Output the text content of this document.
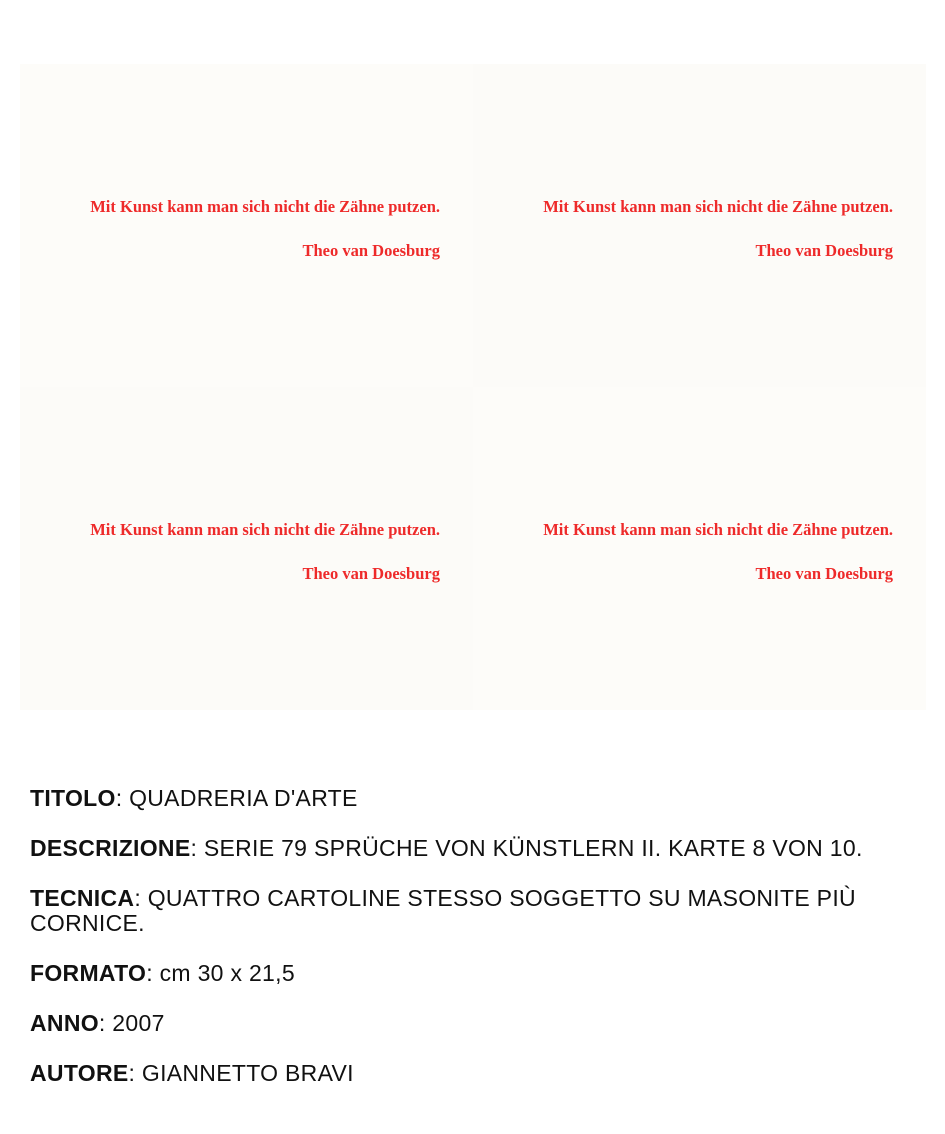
Mit Kunst kann man sich nicht die Zähne putzen.
Theo van Doesburg
Mit Kunst kann man sich nicht die Zähne putzen.
Theo van Doesburg
Mit Kunst kann man sich nicht die Zähne putzen.
Theo van Doesburg
Mit Kunst kann man sich nicht die Zähne putzen.
Theo van Doesburg
TITOLO: QUADRERIA D'ARTE
DESCRIZIONE: SERIE 79 SPRÜCHE VON KÜNSTLERN II. KARTE 8 VON 10.
TECNICA: QUATTRO CARTOLINE STESSO SOGGETTO SU MASONITE PIÙ CORNICE.
FORMATO: cm 30 x 21,5
ANNO: 2007
AUTORE: GIANNETTO BRAVI
